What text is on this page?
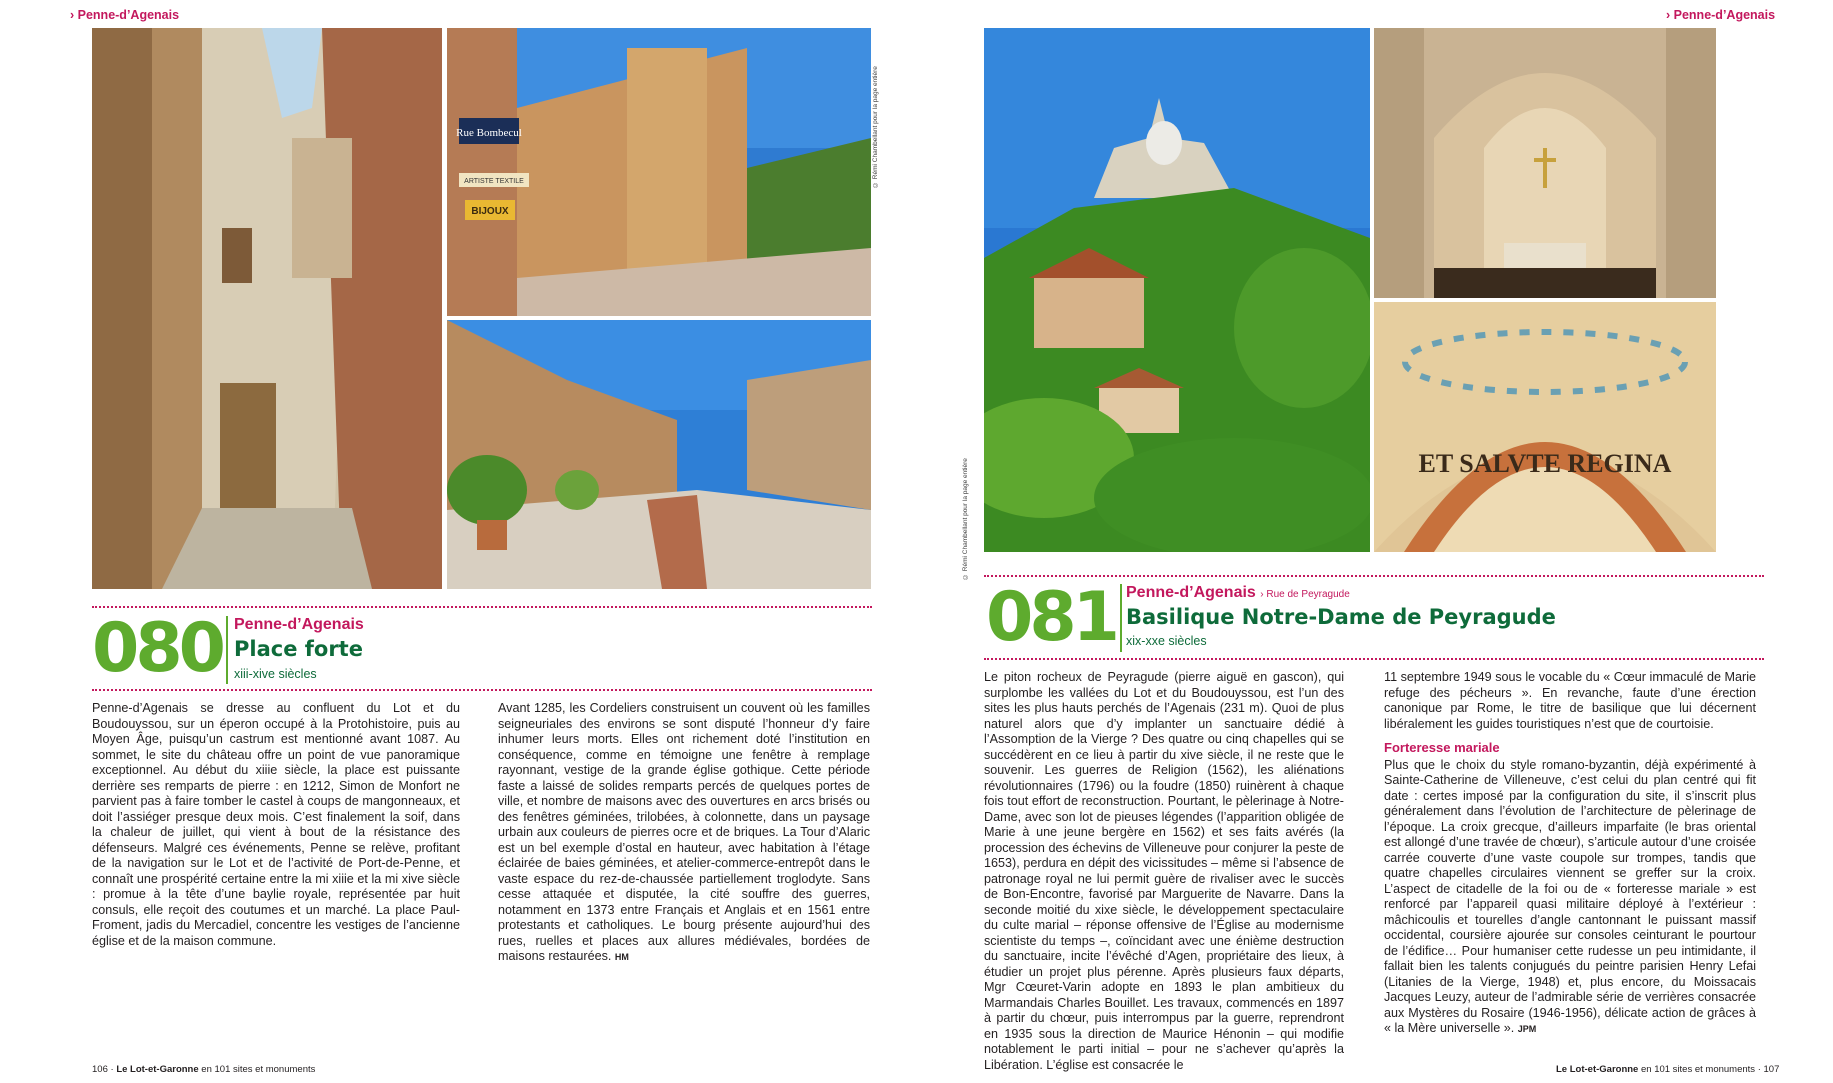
› Penne-d’Agenais
Rue Bombecul
ARTISTE TEXTILE
BIJOUX
© Rémi Chambellant pour la page entière
080 Penne-d’Agenais
Place forte
xiii-xive siècles

Penne-d’Agenais se dresse au confluent du Lot et du Boudouyssou, sur un éperon occupé à la Protohistoire, puis au Moyen Âge, puisqu’un castrum est mentionné avant 1087. Au sommet, le site du château offre un point de vue panoramique exceptionnel. Au début du xiiie siècle, la place est puissante derrière ses remparts de pierre : en 1212, Simon de Monfort ne parvient pas à faire tomber le castel à coups de mangonneaux, et doit l’assiéger presque deux mois. C’est finalement la soif, dans la chaleur de juillet, qui vient à bout de la résistance des défenseurs. Malgré ces événements, Penne se relève, profitant de la navigation sur le Lot et de l’activité de Port-de-Penne, et connaît une prospérité certaine entre la mi xiiie et la mi xive siècle : promue à la tête d’une baylie royale, représentée par huit consuls, elle reçoit des coutumes et un marché. La place Paul-Froment, jadis du Mercadiel, concentre les vestiges de l’ancienne église et de la maison commune.

Avant 1285, les Cordeliers construisent un couvent où les familles seigneuriales des environs se sont disputé l’honneur d’y faire inhumer leurs morts. Elles ont richement doté l’institution en conséquence, comme en témoigne une fenêtre à remplage rayonnant, vestige de la grande église gothique. Cette période faste a laissé de solides remparts percés de quelques portes de ville, et nombre de maisons avec des ouvertures en arcs brisés ou des fenêtres géminées, trilobées, à colonnette, dans un paysage urbain aux couleurs de pierres ocre et de briques. La Tour d’Alaric est un bel exemple d’ostal en hauteur, avec habitation à l’étage éclairée de baies géminées, et atelier-commerce-entrepôt dans le vaste espace du rez-de-chaussée partiellement troglodyte. Sans cesse attaquée et disputée, la cité souffre des guerres, notamment en 1373 entre Français et Anglais et en 1561 entre protestants et catholiques. Le bourg présente aujourd’hui des rues, ruelles et places aux allures médiévales, bordées de maisons restaurées. HM

106 · Le Lot-et-Garonne en 101 sites et monuments
› Penne-d’Agenais
© Rémi Chambellant pour la page entière	ET SALVTE REGINA
081 Penne-d’Agenais › Rue de Peyragude
Basilique Notre-Dame de Peyragude
xix-xxe siècles

Le piton rocheux de Peyragude (pierre aiguë en gascon), qui surplombe les vallées du Lot et du Boudouyssou, est l’un des sites les plus hauts perchés de l’Agenais (231 m). Quoi de plus naturel alors que d’y implanter un sanctuaire dédié à l’Assomption de la Vierge ? Des quatre ou cinq chapelles qui se succédèrent en ce lieu à partir du xive siècle, il ne reste que le souvenir. Les guerres de Religion (1562), les aliénations révolutionnaires (1796) ou la foudre (1850) ruinèrent à chaque fois tout effort de reconstruction. Pourtant, le pèlerinage à Notre-Dame, avec son lot de pieuses légendes (l’apparition obligée de Marie à une jeune bergère en 1562) et ses faits avérés (la procession des échevins de Villeneuve pour conjurer la peste de 1653), perdura en dépit des vicissitudes – même si l’absence de patronage royal ne lui permit guère de rivaliser avec le succès de Bon-Encontre, favorisé par Marguerite de Navarre. Dans la seconde moitié du xixe siècle, le développement spectaculaire du culte marial – réponse offensive de l’Église au modernisme scientiste du temps –, coïncidant avec une énième destruction du sanctuaire, incite l’évêché d’Agen, propriétaire des lieux, à étudier un projet plus pérenne. Après plusieurs faux départs, Mgr Cœuret-Varin adopte en 1893 le plan ambitieux du Marmandais Charles Bouillet. Les travaux, commencés en 1897 à partir du chœur, puis interrompus par la guerre, reprendront en 1935 sous la direction de Maurice Hénonin – qui modifie notablement le parti initial – pour ne s’achever qu’après la Libération. L’église est consacrée le

11 septembre 1949 sous le vocable du « Cœur immaculé de Marie refuge des pécheurs ». En revanche, faute d’une érection canonique par Rome, le titre de basilique que lui décernent libéralement les guides touristiques n’est que de courtoisie.

Forteresse mariale

Plus que le choix du style romano-byzantin, déjà expérimenté à Sainte-Catherine de Villeneuve, c’est celui du plan centré qui fit date : certes imposé par la configuration du site, il s’inscrit plus généralement dans l’évolution de l’architecture de pèlerinage de l’époque. La croix grecque, d’ailleurs imparfaite (le bras oriental est allongé d’une travée de chœur), s’articule autour d’une croisée carrée couverte d’une vaste coupole sur trompes, tandis que quatre chapelles circulaires viennent se greffer sur la croix. L’aspect de citadelle de la foi ou de « forteresse mariale » est renforcé par l’appareil quasi militaire déployé à l’extérieur : mâchicoulis et tourelles d’angle cantonnant le puissant massif occidental, coursière ajourée sur consoles ceinturant le pourtour de l’édifice… Pour humaniser cette rudesse un peu intimidante, il fallait bien les talents conjugués du peintre parisien Henry Lefai (Litanies de la Vierge, 1948) et, plus encore, du Moissacais Jacques Leuzy, auteur de l’admirable série de verrières consacrée aux Mystères du Rosaire (1946-1956), délicate action de grâces à « la Mère universelle ». JPM

Le Lot-et-Garonne en 101 sites et monuments · 107
